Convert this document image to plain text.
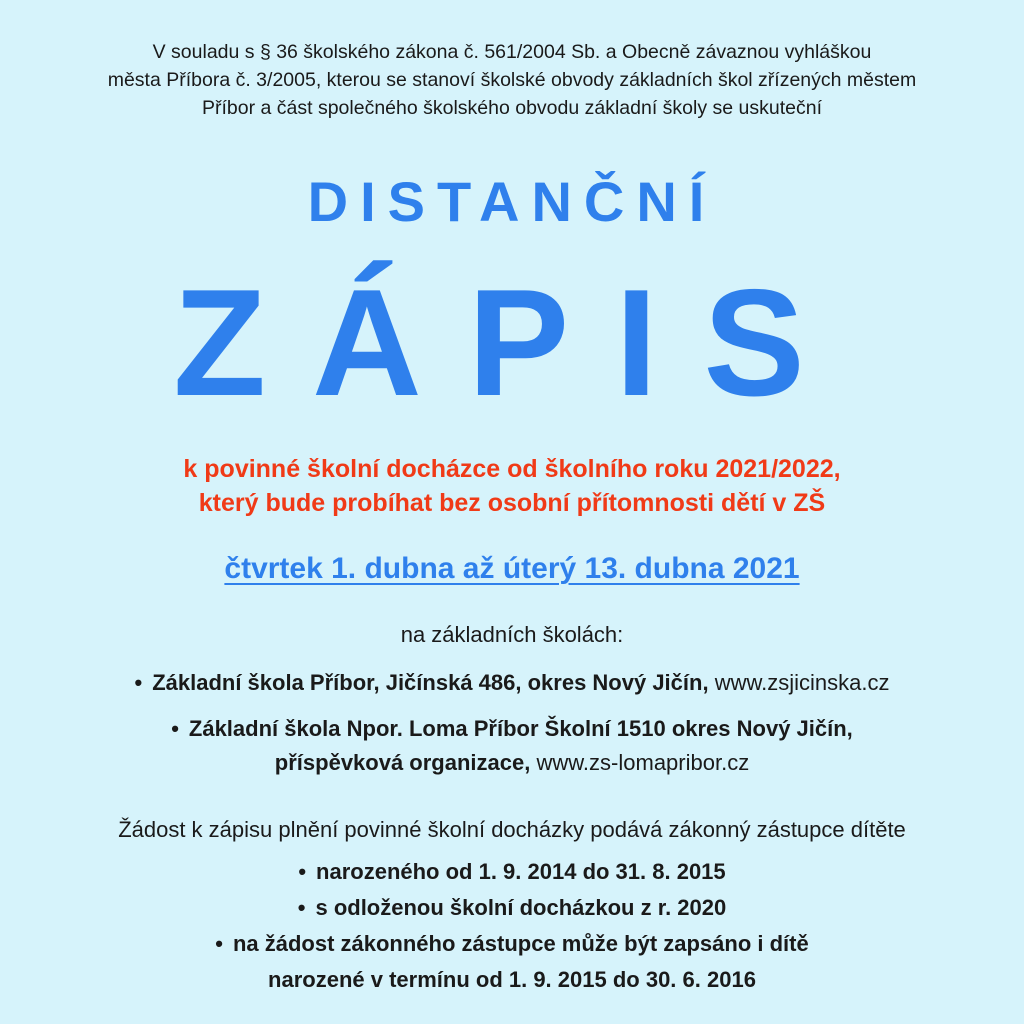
V souladu s § 36 školského zákona č. 561/2004 Sb. a Obecně závaznou vyhláškou
města Příbora č. 3/2005, kterou se stanoví školské obvody základních škol zřízených městem
Příbor a část společného školského obvodu základní školy se uskuteční
DISTANČNÍ
ZÁPIS
k povinné školní docházce od školního roku 2021/2022,
který bude probíhat bez osobní přítomnosti dětí v ZŠ
čtvrtek 1. dubna až úterý 13. dubna 2021
na základních školách:
• Základní škola Příbor, Jičínská 486, okres Nový Jičín, www.zsjicinska.cz
• Základní škola Npor. Loma Příbor Školní 1510 okres Nový Jičín,
příspěvková organizace, www.zs-lomapribor.cz
Žádost k zápisu plnění povinné školní docházky podává zákonný zástupce dítěte
• narozeného od 1. 9. 2014 do 31. 8. 2015
• s odloženou školní docházkou z r. 2020
• na žádost zákonného zástupce může být zapsáno i dítě
narozené v termínu od 1. 9. 2015 do 30. 6. 2016
